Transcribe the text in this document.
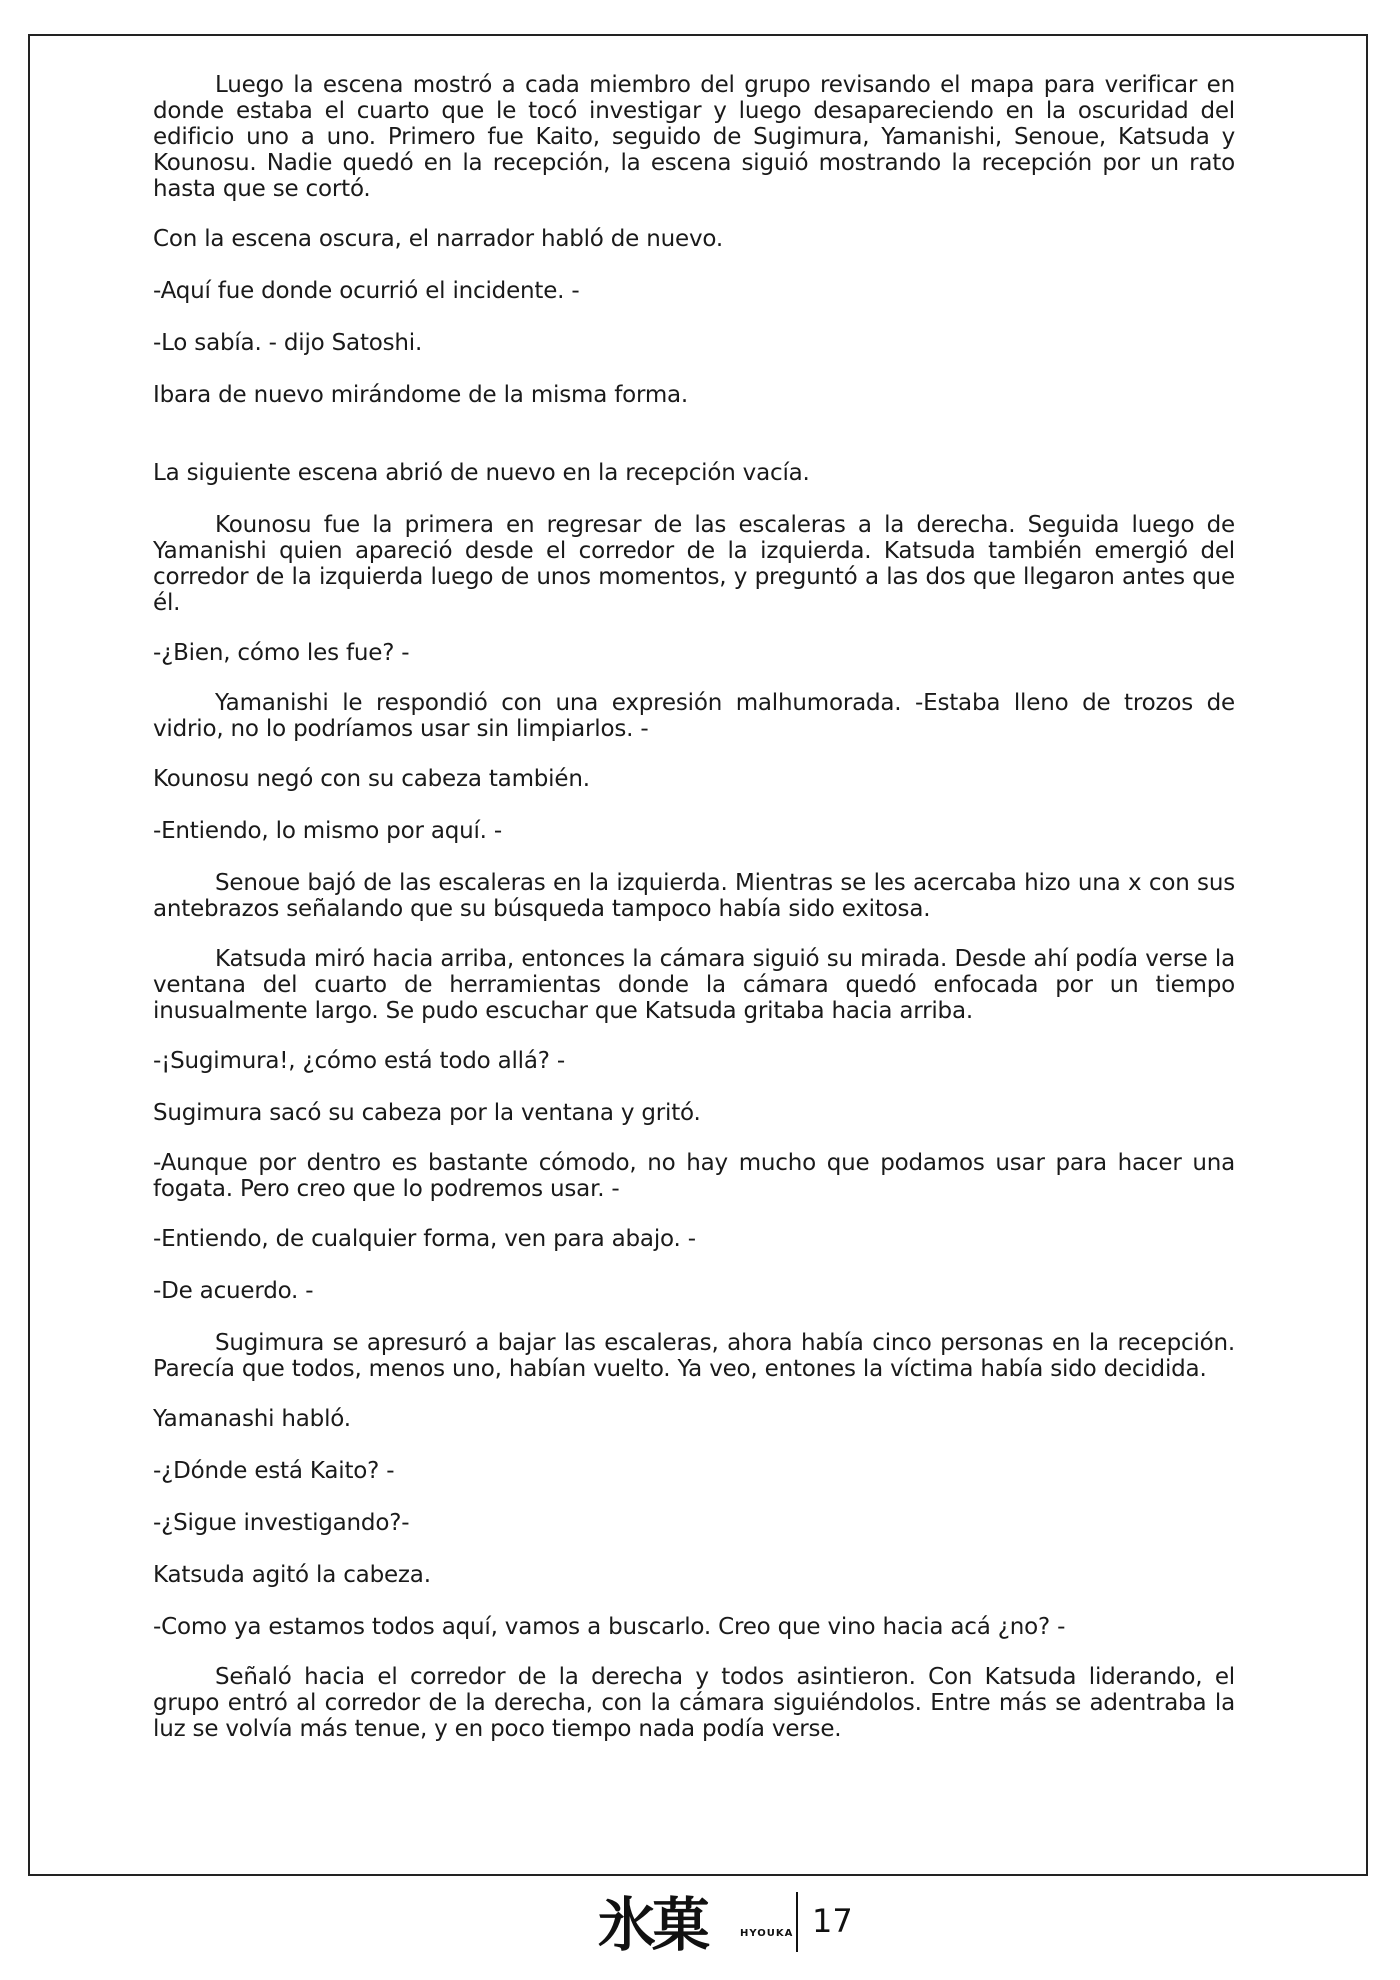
Luego la escena mostró a cada miembro del grupo revisando el mapa para verificar en donde estaba el cuarto que le tocó investigar y luego desapareciendo en la oscuridad del edificio uno a uno. Primero fue Kaito, seguido de Sugimura, Yamanishi, Senoue, Katsuda y Kounosu. Nadie quedó en la recepción, la escena siguió mostrando la recepción por un rato hasta que se cortó.

Con la escena oscura, el narrador habló de nuevo.

-Aquí fue donde ocurrió el incidente. -

-Lo sabía. - dijo Satoshi.

Ibara de nuevo mirándome de la misma forma.

La siguiente escena abrió de nuevo en la recepción vacía.

Kounosu fue la primera en regresar de las escaleras a la derecha. Seguida luego de Yamanishi quien apareció desde el corredor de la izquierda. Katsuda también emergió del corredor de la izquierda luego de unos momentos, y preguntó a las dos que llegaron antes que él.

-¿Bien, cómo les fue? -

Yamanishi le respondió con una expresión malhumorada. -Estaba lleno de trozos de vidrio, no lo podríamos usar sin limpiarlos. -

Kounosu negó con su cabeza también.

-Entiendo, lo mismo por aquí. -

Senoue bajó de las escaleras en la izquierda. Mientras se les acercaba hizo una x con sus antebrazos señalando que su búsqueda tampoco había sido exitosa.

Katsuda miró hacia arriba, entonces la cámara siguió su mirada. Desde ahí podía verse la ventana del cuarto de herramientas donde la cámara quedó enfocada por un tiempo inusualmente largo. Se pudo escuchar que Katsuda gritaba hacia arriba.

-¡Sugimura!, ¿cómo está todo allá? -

Sugimura sacó su cabeza por la ventana y gritó.

-Aunque por dentro es bastante cómodo, no hay mucho que podamos usar para hacer una fogata. Pero creo que lo podremos usar. -

-Entiendo, de cualquier forma, ven para abajo. -

-De acuerdo. -

Sugimura se apresuró a bajar las escaleras, ahora había cinco personas en la recepción. Parecía que todos, menos uno, habían vuelto. Ya veo, entones la víctima había sido decidida.

Yamanashi habló.

-¿Dónde está Kaito? -

-¿Sigue investigando?-

Katsuda agitó la cabeza.

-Como ya estamos todos aquí, vamos a buscarlo. Creo que vino hacia acá ¿no? -

Señaló hacia el corredor de la derecha y todos asintieron. Con Katsuda liderando, el grupo entró al corredor de la derecha, con la cámara siguiéndolos. Entre más se adentraba la luz se volvía más tenue, y en poco tiempo nada podía verse.

氷菓	HYOUKA 17
